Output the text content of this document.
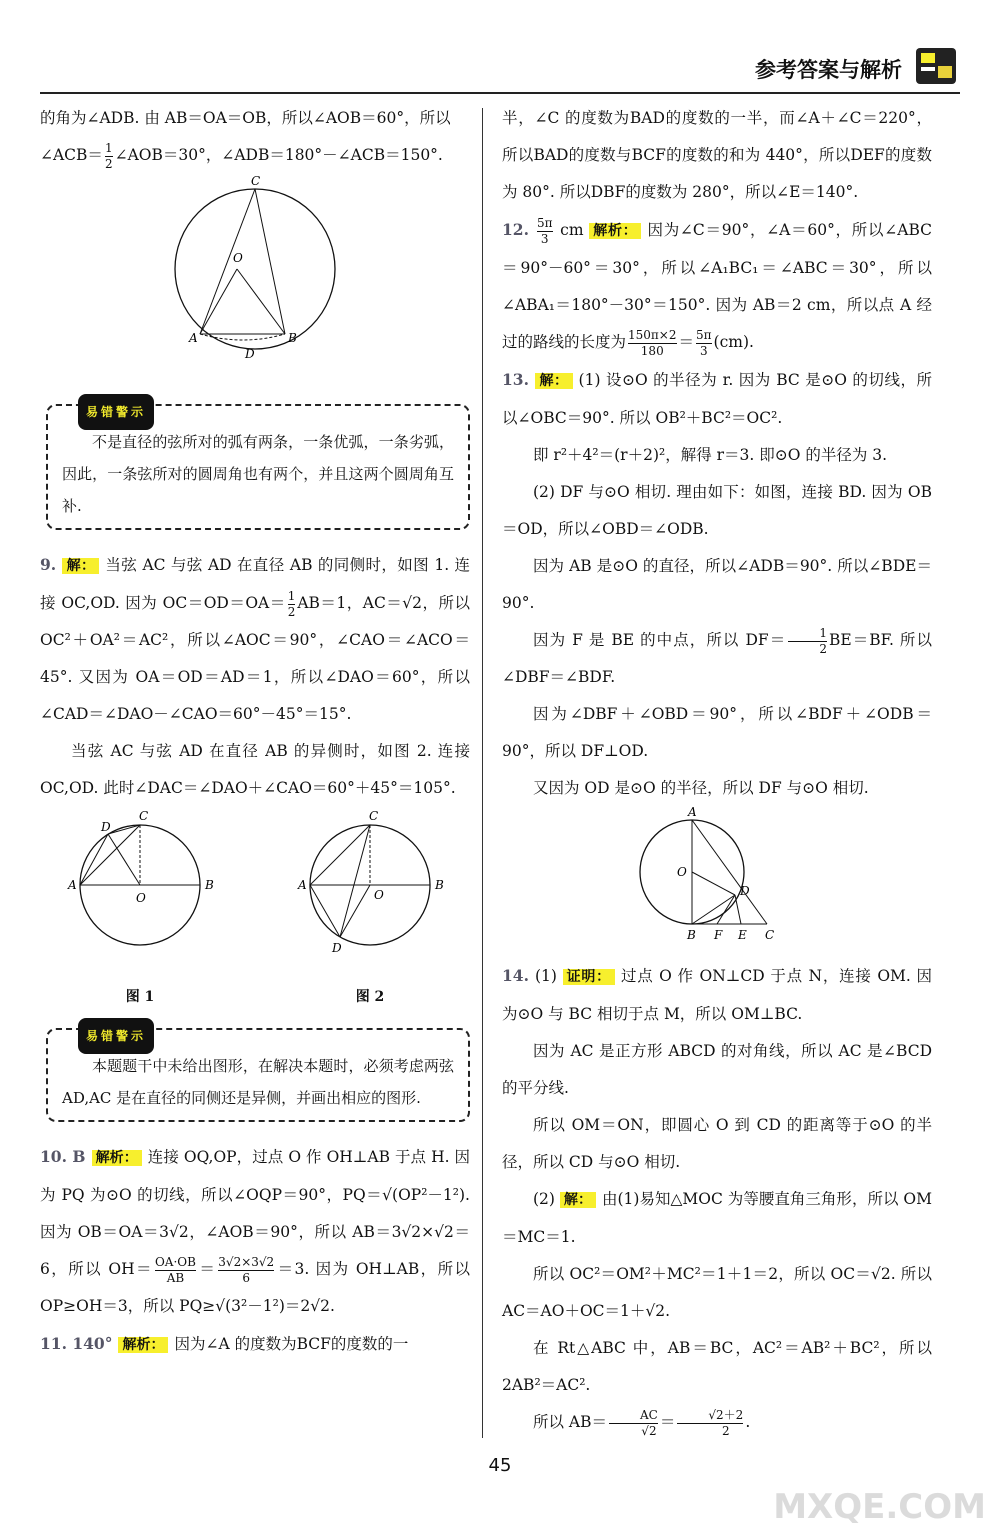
参考答案与解析

的角为∠ADB. 由 AB＝OA＝OB，所以∠AOB＝60°，所以

∠ACB＝ $\frac{1}{2}$ ∠AOB＝30°，∠ADB＝180°－∠ACB＝150°.

C
O
A	B
D
易错警示

不是直径的弦所对的弧有两条，一条优弧，一条劣弧，因此，一条弦所对的圆周角也有两个，并且这两个圆周角互补.

9. 解： 当弦 AC 与弦 AD 在直径 AB 的同侧时，如图 1. 连接 OC,OD. 因为 $OC=OD=OA= \frac{1}{2} AB=1$，AC＝√2，所以OC²＋OA²＝AC²，所以∠AOC＝90°，∠CAO＝∠ACO＝45°. 又因为 OA＝OD＝AD＝1，所以∠DAO＝60°，所以∠CAD＝∠DAO－∠CAO＝60°－45°＝15°.

当弦 AC 与弦 AD 在直径 AB 的异侧时，如图 2. 连接 OC,OD. 此时∠DAC＝∠DAO＋∠CAO＝60°＋45°＝105°.

C
D
A	B
O
图 1
C
D
A	B
O
图 2
易错警示

本题题干中未给出图形，在解决本题时，必须考虑两弦 AD,AC 是在直径的同侧还是异侧，并画出相应的图形.

10. B 解析： 连接 OQ,OP，过点 O 作 OH⊥AB 于点 H. 因为 PQ 为⊙O 的切线，所以∠OQP＝90°，PQ＝√(OP²－1²). 因为 OB＝OA＝3√2，∠AOB＝90°，所以 AB＝3√2×√2＝6，所以 $OH= \frac{OA\cdot OB}{AB} = \frac{3√2\times 3√2}{6} =3$. 因为 OH⊥AB，所以OP≥OH＝3，所以 PQ≥√(3²－1²)＝2√2.

11. 140° 解析： 因为∠A 的度数为BCF的度数的一

半，∠C 的度数为BAD的度数的一半，而∠A＋∠C＝220°，所以BAD的度数与BCF的度数的和为 440°，所以DEF的度数为 80°. 所以DBF的度数为 280°，所以∠E＝140°.

12. $\frac{5\pi}{3}$ cm 解析： 因为∠C＝90°，∠A＝60°，所以∠ABC＝90°－60°＝30°，所以∠A₁BC₁＝∠ABC＝30°，所以∠ABA₁＝180°－30°＝150°. 因为 AB＝2 cm，所以点 A 经过的路线的长度为 $\frac{150\pi\times 2}{180} = \frac{5\pi}{3} (cm)$.

13. 解： (1) 设⊙O 的半径为 r. 因为 BC 是⊙O 的切线，所以∠OBC＝90°. 所以 OB²＋BC²＝OC².

即 r²＋4²＝(r＋2)²，解得 r＝3. 即⊙O 的半径为 3.

(2) DF 与⊙O 相切. 理由如下：如图，连接 BD. 因为 OB＝OD，所以∠OBD＝∠ODB.

因为 AB 是⊙O 的直径，所以∠ADB＝90°. 所以∠BDE＝90°.

因为 F 是 BE 的中点，所以 $DF= \frac{1}{2} BE=BF$. 所以∠DBF＝∠BDF.

因为∠DBF＋∠OBD＝90°，所以∠BDF＋∠ODB＝90°，所以 DF⊥OD.

又因为 OD 是⊙O 的半径，所以 DF 与⊙O 相切.

A
O
D
B F E C

14. (1) 证明： 过点 O 作 ON⊥CD 于点 N，连接 OM. 因为⊙O 与 BC 相切于点 M，所以 OM⊥BC.

因为 AC 是正方形 ABCD 的对角线，所以 AC 是∠BCD 的平分线.

所以 OM＝ON，即圆心 O 到 CD 的距离等于⊙O 的半径，所以 CD 与⊙O 相切.

(2) 解： 由(1)易知△MOC 为等腰直角三角形，所以 OM＝MC＝1.

所以 OC²＝OM²＋MC²＝1＋1＝2，所以 OC＝√2. 所以 AC＝AO＋OC＝1＋√2.

在 Rt△ABC 中，AB＝BC，AC²＝AB²＋BC²，所以 2AB²＝AC².

所以 $AB= \frac{AC}{√2} = \frac{√2+2}{2}$ .

45
MXQE.COM
